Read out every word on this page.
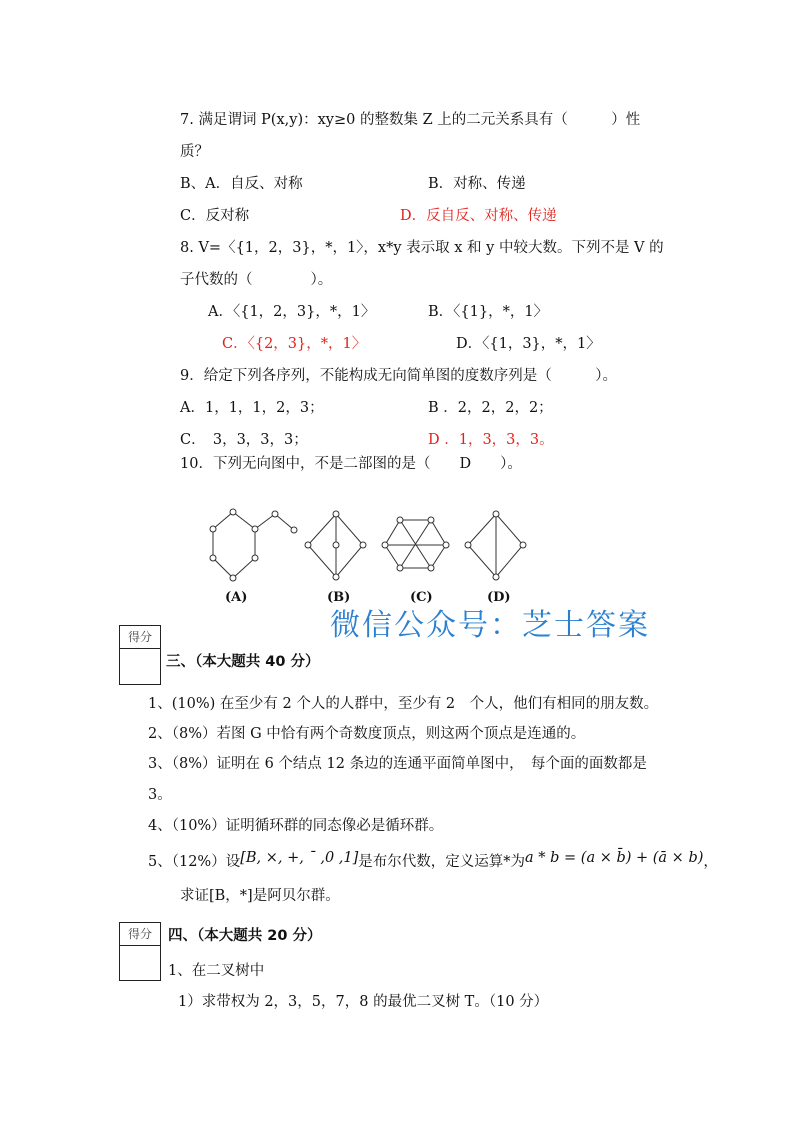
7. 满足谓词 P(x,y)：xy≥0 的整数集 Z 上的二元关系具有（　　　）性
质？
B、A．自反、对称	B．对称、传递
C．反对称	D．反自反、对称、传递
8. V=〈{1，2，3}，*，1〉，x*y 表示取 x 和 y 中较大数。下列不是 V 的
子代数的（　　　　）。
A．〈{1，2，3}，*，1〉	B．〈{1}，*，1〉
C．〈{2，3}，*，1〉	D．〈{1，3}，*，1〉
9．给定下列各序列，不能构成无向简单图的度数序列是（　　　）。
A．1，1，1，2，3；	B ．2，2，2，2；
C．　3，3，3，3；	D ．1，3，3，3。
10．下列无向图中，不是二部图的是（　　D　　）。
(A)	(B)	(C)	(D)
微信公众号：芝士答案
得分
三、（本大题共 40 分）
1、(10%) 在至少有 2 个人的人群中，至少有 2　个人，他们有相同的朋友数。
2、（8%）若图 G 中恰有两个奇数度顶点，则这两个顶点是连通的。
3、（8%）证明在 6 个结点 12 条边的连通平面简单图中，　每个面的面数都是
3。
4、（10%）证明循环群的同态像必是循环群。
5、（12%）设[B, ×, +, ¯ ,0 ,1]是布尔代数，定义运算*为a * b = (a × b̄) + (ā × b)，
求证[B，*]是阿贝尔群。
得分	四、（本大题共 20 分）
1、在二叉树中
1）求带权为 2，3，5，7，8 的最优二叉树 T。（10 分）
